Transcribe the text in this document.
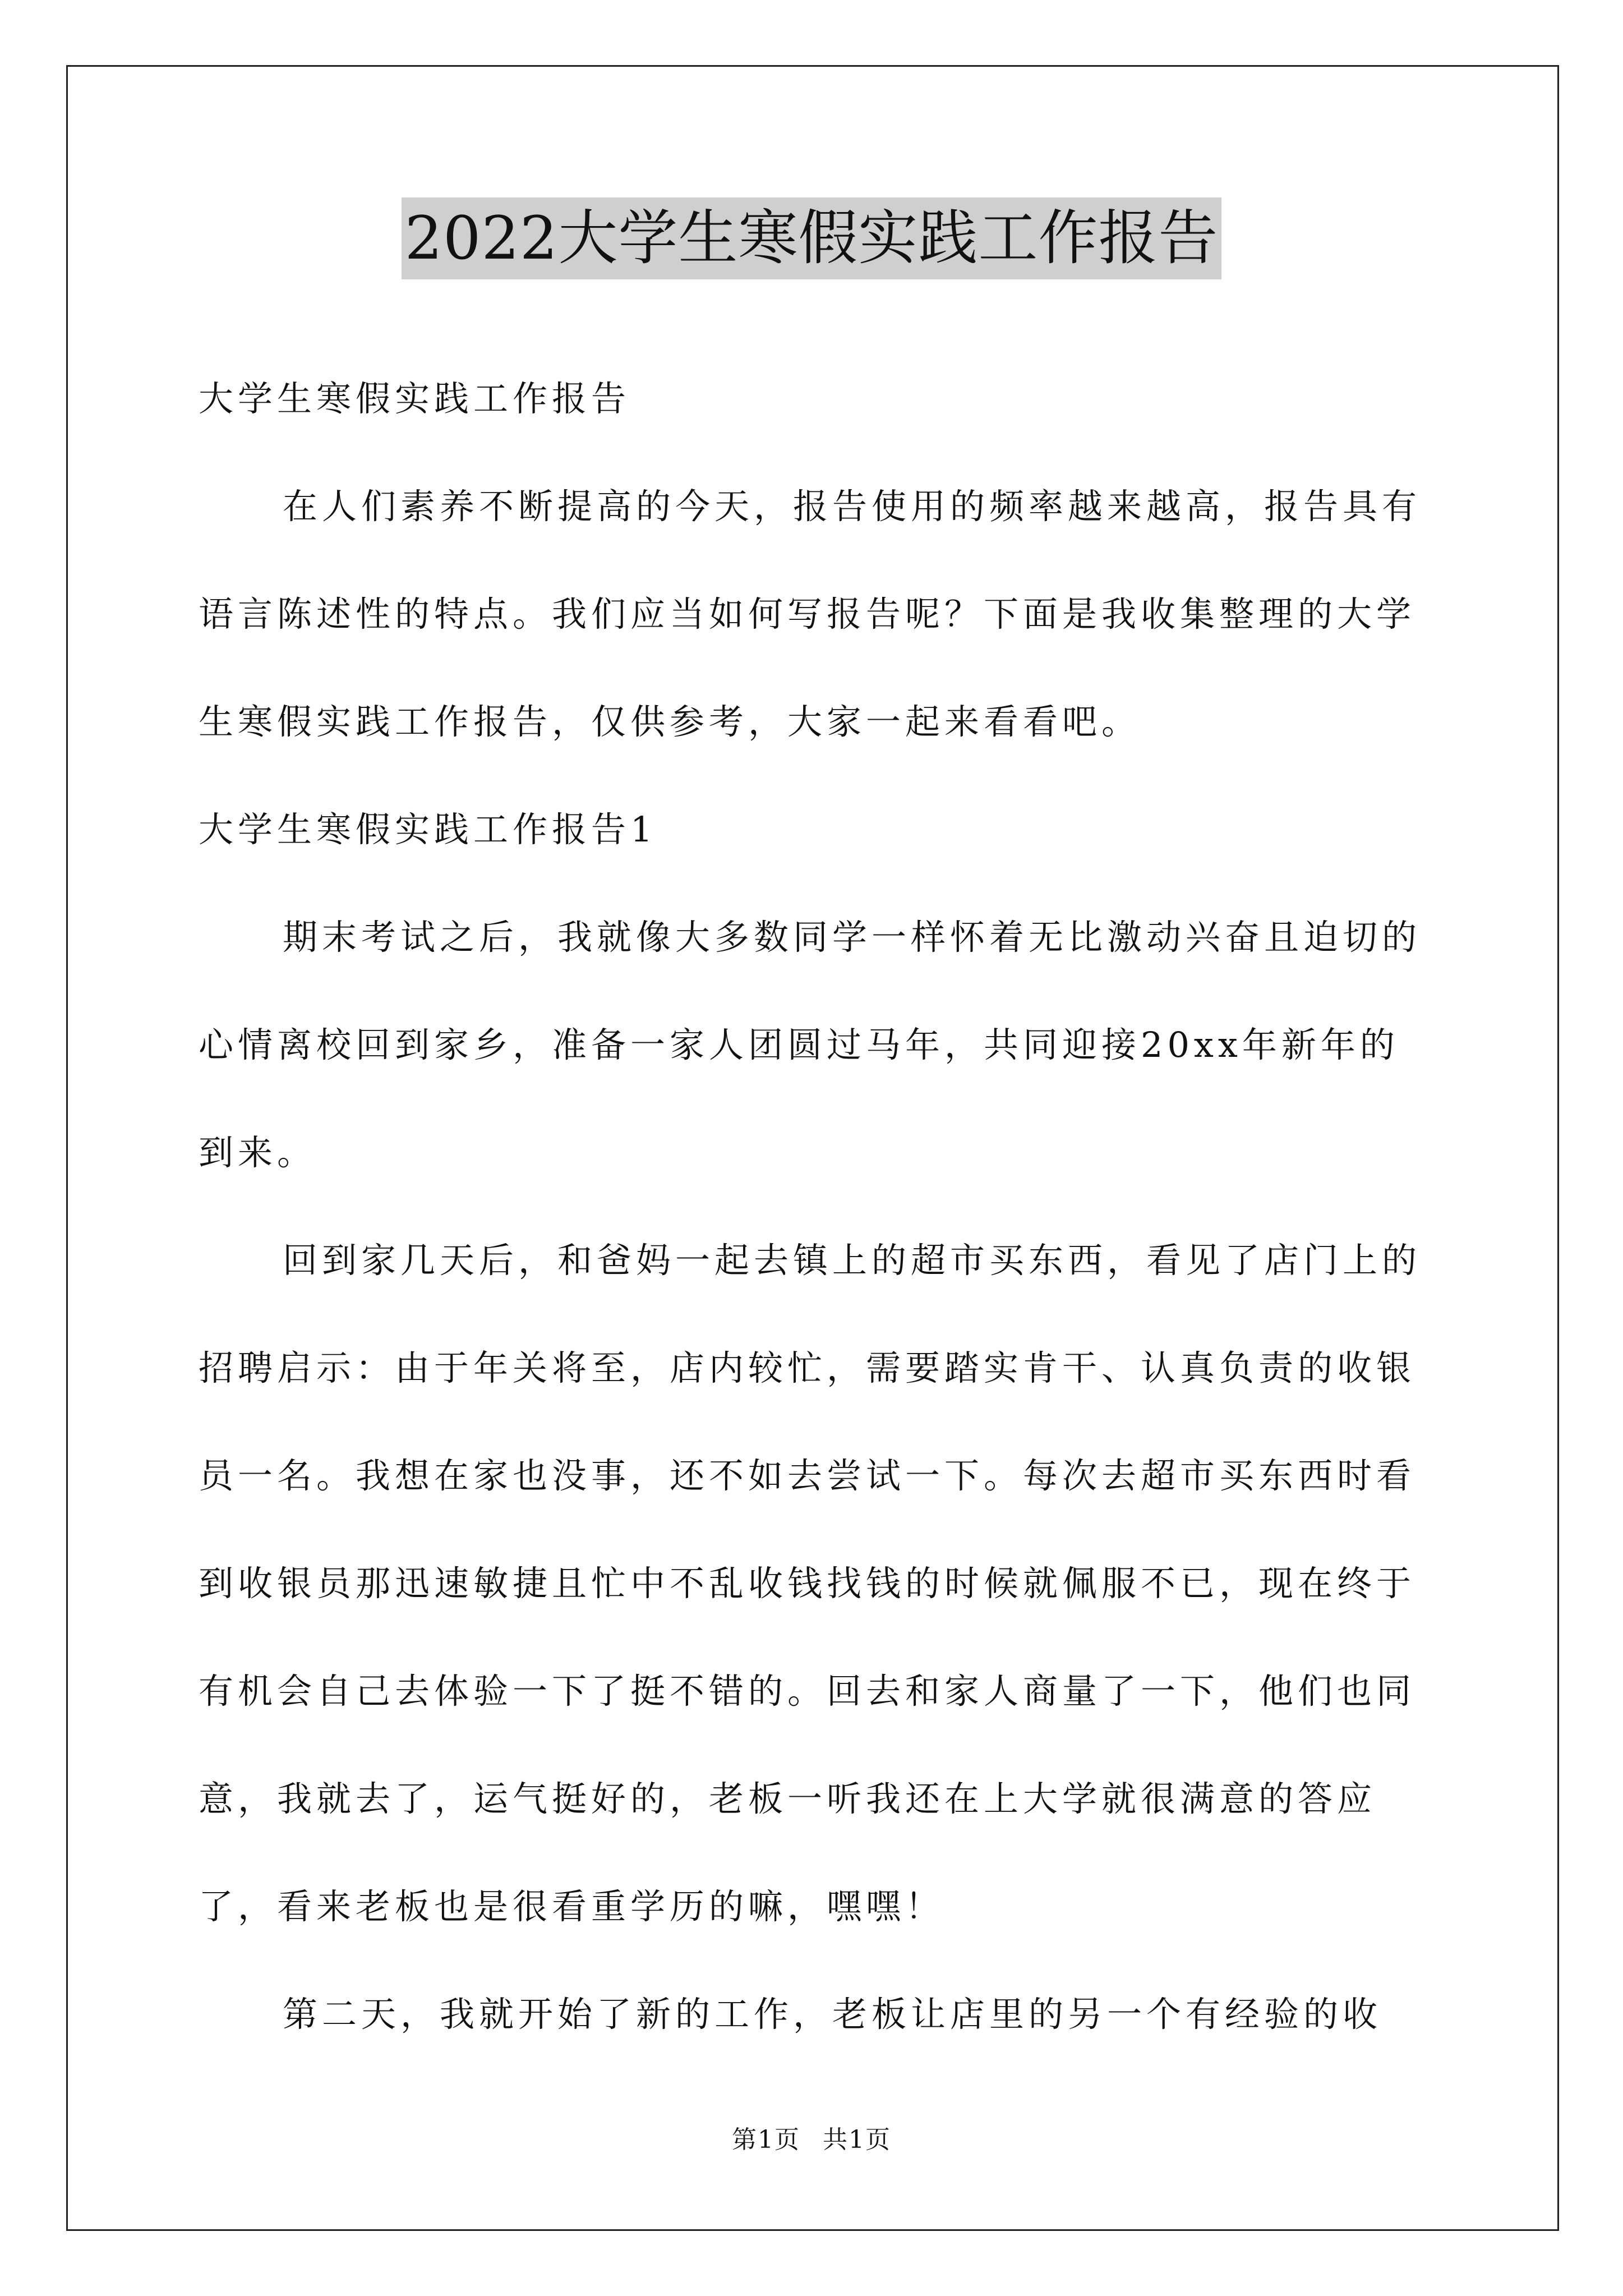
2022大学生寒假实践工作报告

大学生寒假实践工作报告

在人们素养不断提高的今天，报告使用的频率越来越高，报告具有语言陈述性的特点。我们应当如何写报告呢？下面是我收集整理的大学生寒假实践工作报告，仅供参考，大家一起来看看吧。

大学生寒假实践工作报告1

期末考试之后，我就像大多数同学一样怀着无比激动兴奋且迫切的心情离校回到家乡，准备一家人团圆过马年，共同迎接20xx年新年的到来。

回到家几天后，和爸妈一起去镇上的超市买东西，看见了店门上的招聘启示：由于年关将至，店内较忙，需要踏实肯干、认真负责的收银员一名。我想在家也没事，还不如去尝试一下。每次去超市买东西时看到收银员那迅速敏捷且忙中不乱收钱找钱的时候就佩服不已，现在终于有机会自己去体验一下了挺不错的。回去和家人商量了一下，他们也同意，我就去了，运气挺好的，老板一听我还在上大学就很满意的答应了，看来老板也是很看重学历的嘛，嘿嘿！

第二天，我就开始了新的工作，老板让店里的另一个有经验的收

第1页 共1页
